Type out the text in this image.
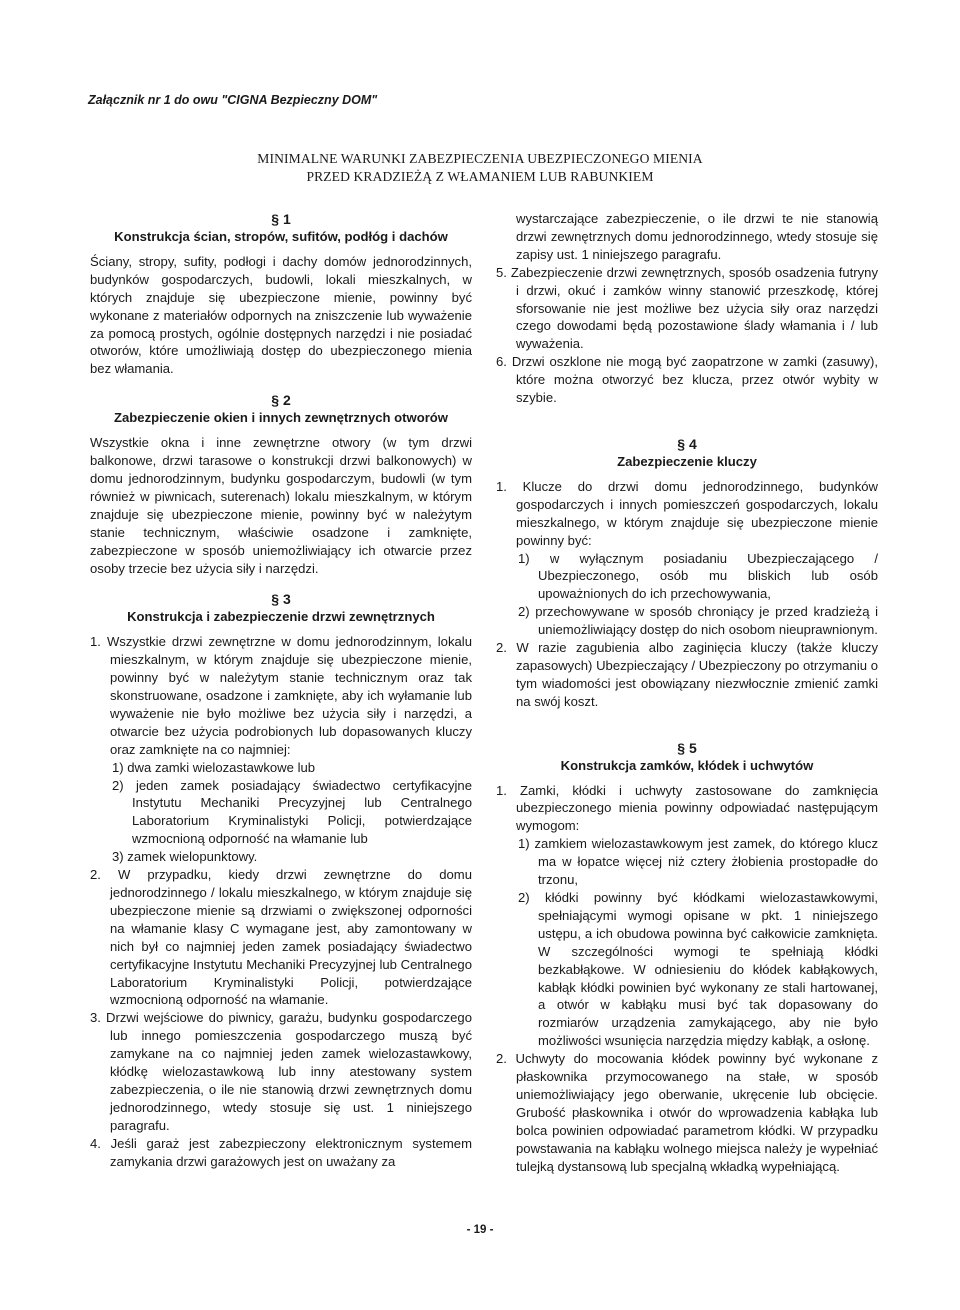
Załącznik nr 1 do owu "CIGNA Bezpieczny DOM"
MINIMALNE WARUNKI ZABEZPIECZENIA UBEZPIECZONEGO MIENIA
PRZED KRADZIEŻĄ Z WŁAMANIEM LUB RABUNKIEM
§ 1
Konstrukcja ścian, stropów, sufitów, podłóg i dachów
Ściany, stropy, sufity, podłogi i dachy domów jednorodzinnych, budynków gospodarczych, budowli, lokali mieszkalnych, w których znajduje się ubezpieczone mienie, powinny być wykonane z materiałów odpornych na zniszczenie lub wyważenie za pomocą prostych, ogólnie dostępnych narzędzi i nie posiadać otworów, które umożliwiają dostęp do ubezpieczonego mienia bez włamania.
§ 2
Zabezpieczenie okien i innych zewnętrznych otworów
Wszystkie okna i inne zewnętrzne otwory (w tym drzwi balkonowe, drzwi tarasowe o konstrukcji drzwi balkonowych) w domu jednorodzinnym, budynku gospodarczym, budowli (w tym również w piwnicach, suterenach) lokalu mieszkalnym, w którym znajduje się ubezpieczone mienie, powinny być w należytym stanie technicznym, właściwie osadzone i zamknięte, zabezpieczone w sposób uniemożliwiający ich otwarcie przez osoby trzecie bez użycia siły i narzędzi.
§ 3
Konstrukcja i zabezpieczenie drzwi zewnętrznych
1. Wszystkie drzwi zewnętrzne w domu jednorodzinnym, lokalu mieszkalnym, w którym znajduje się ubezpieczone mienie, powinny być w należytym stanie technicznym oraz tak skonstruowane, osadzone i zamknięte, aby ich wyłamanie lub wyważenie nie było możliwe bez użycia siły i narzędzi, a otwarcie bez użycia podrobionych lub dopasowanych kluczy oraz zamknięte na co najmniej:
1) dwa zamki wielozastawkowe lub
2) jeden zamek posiadający świadectwo certyfikacyjne Instytutu Mechaniki Precyzyjnej lub Centralnego Laboratorium Kryminalistyki Policji, potwierdzające wzmocnioną odporność na włamanie lub
3) zamek wielopunktowy.
2. W przypadku, kiedy drzwi zewnętrzne do domu jednorodzinnego / lokalu mieszkalnego, w którym znajduje się ubezpieczone mienie są drzwiami o zwiększonej odporności na włamanie klasy C wymagane jest, aby zamontowany w nich był co najmniej jeden zamek posiadający świadectwo certyfikacyjne Instytutu Mechaniki Precyzyjnej lub Centralnego Laboratorium Kryminalistyki Policji, potwierdzające wzmocnioną odporność na włamanie.
3. Drzwi wejściowe do piwnicy, garażu, budynku gospodarczego lub innego pomieszczenia gospodarczego muszą być zamykane na co najmniej jeden zamek wielozastawkowy, kłódkę wielozastawkową lub inny atestowany system zabezpieczenia, o ile nie stanowią drzwi zewnętrznych domu jednorodzinnego, wtedy stosuje się ust. 1 niniejszego paragrafu.
4. Jeśli garaż jest zabezpieczony elektronicznym systemem zamykania drzwi garażowych jest on uważany za
wystarczające zabezpieczenie, o ile drzwi te nie stanowią drzwi zewnętrznych domu jednorodzinnego, wtedy stosuje się zapisy ust. 1 niniejszego paragrafu.
5. Zabezpieczenie drzwi zewnętrznych, sposób osadzenia futryny i drzwi, okuć i zamków winny stanowić przeszkodę, której sforsowanie nie jest możliwe bez użycia siły oraz narzędzi czego dowodami będą pozostawione ślady włamania i / lub wyważenia.
6. Drzwi oszklone nie mogą być zaopatrzone w zamki (zasuwy), które można otworzyć bez klucza, przez otwór wybity w szybie.
§ 4
Zabezpieczenie kluczy
1. Klucze do drzwi domu jednorodzinnego, budynków gospodarczych i innych pomieszczeń gospodarczych, lokalu mieszkalnego, w którym znajduje się ubezpieczone mienie powinny być:
1) w wyłącznym posiadaniu Ubezpieczającego / Ubezpieczonego, osób mu bliskich lub osób upoważnionych do ich przechowywania,
2) przechowywane w sposób chroniący je przed kradzieżą i uniemożliwiający dostęp do nich osobom nieuprawnionym.
2. W razie zagubienia albo zaginięcia kluczy (także kluczy zapasowych) Ubezpieczający / Ubezpieczony po otrzymaniu o tym wiadomości jest obowiązany niezwłocznie zmienić zamki na swój koszt.
§ 5
Konstrukcja zamków, kłódek i uchwytów
1. Zamki, kłódki i uchwyty zastosowane do zamknięcia ubezpieczonego mienia powinny odpowiadać następującym wymogom:
1) zamkiem wielozastawkowym jest zamek, do którego klucz ma w łopatce więcej niż cztery żłobienia prostopadłe do trzonu,
2) kłódki powinny być kłódkami wielozastawkowymi, spełniającymi wymogi opisane w pkt. 1 niniejszego ustępu, a ich obudowa powinna być całkowicie zamknięta. W szczególności wymogi te spełniają kłódki bezkabłąkowe. W odniesieniu do kłódek kabłąkowych, kabłąk kłódki powinien być wykonany ze stali hartowanej, a otwór w kabłąku musi być tak dopasowany do rozmiarów urządzenia zamykającego, aby nie było możliwości wsunięcia narzędzia między kabłąk, a osłonę.
2. Uchwyty do mocowania kłódek powinny być wykonane z płaskownika przymocowanego na stałe, w sposób uniemożliwiający jego oberwanie, ukręcenie lub obcięcie. Grubość płaskownika i otwór do wprowadzenia kabłąka lub bolca powinien odpowiadać parametrom kłódki. W przypadku powstawania na kabłąku wolnego miejsca należy je wypełniać tulejką dystansową lub specjalną wkładką wypełniającą.
- 19 -
